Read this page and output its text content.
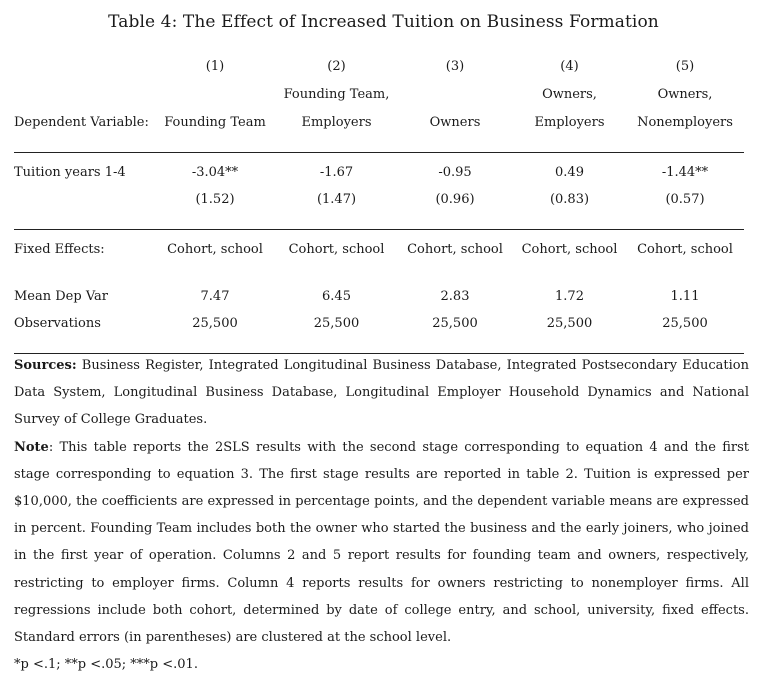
Table 4: The Effect of Increased Tuition on Business Formation
	(1)	(2)	(3)	(4)	(5)
		Founding Team,		Owners,	Owners,
Dependent Variable:	Founding Team	Employers	Owners	Employers	Nonemployers

Tuition years 1-4	-3.04**	-1.67	-0.95	0.49	-1.44**
	(1.52)	(1.47)	(0.96)	(0.83)	(0.57)

Fixed Effects:	Cohort, school	Cohort, school	Cohort, school	Cohort, school	Cohort, school

Mean Dep Var	7.47	6.45	2.83	1.72	1.11
Observations	25,500	25,500	25,500	25,500	25,500

Sources: Business Register, Integrated Longitudinal Business Database, Integrated Postsecondary Education Data System, Longitudinal Business Database, Longitudinal Employer Household Dynamics and National Survey of College Graduates.

Note: This table reports the 2SLS results with the second stage corresponding to equation 4 and the first stage corresponding to equation 3. The first stage results are reported in table 2. Tuition is expressed per $10,000, the coefficients are expressed in percentage points, and the dependent variable means are expressed in percent. Founding Team includes both the owner who started the business and the early joiners, who joined in the first year of operation. Columns 2 and 5 report results for founding team and owners, respectively, restricting to employer firms. Column 4 reports results for owners restricting to nonemployer firms. All regressions include both cohort, determined by date of college entry, and school, university, fixed effects. Standard errors (in parentheses) are clustered at the school level.

*p <.1; **p <.05; ***p <.01.
